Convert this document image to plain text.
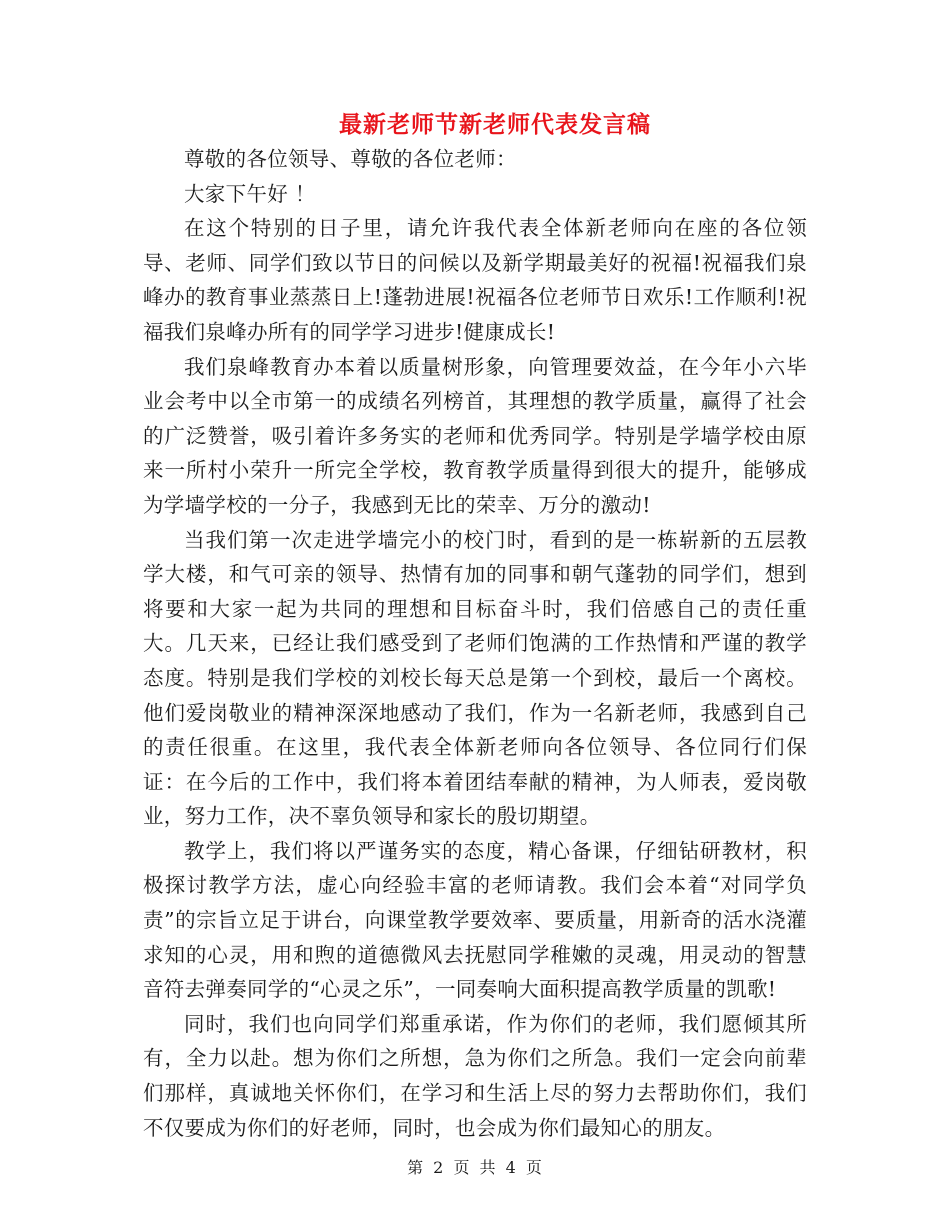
最新老师节新老师代表发言稿

尊敬的各位领导、尊敬的各位老师：

大家下午好 ！

在这个特别的日子里，请允许我代表全体新老师向在座的各位领导、老师、同学们致以节日的问候以及新学期最美好的祝福!祝福我们泉峰办的教育事业蒸蒸日上!蓬勃进展!祝福各位老师节日欢乐!工作顺利!祝福我们泉峰办所有的同学学习进步!健康成长!

我们泉峰教育办本着以质量树形象，向管理要效益，在今年小六毕业会考中以全市第一的成绩名列榜首，其理想的教学质量，赢得了社会的广泛赞誉，吸引着许多务实的老师和优秀同学。特别是学墙学校由原来一所村小荣升一所完全学校，教育教学质量得到很大的提升，能够成为学墙学校的一分子，我感到无比的荣幸、万分的激动!

当我们第一次走进学墙完小的校门时，看到的是一栋崭新的五层教学大楼，和气可亲的领导、热情有加的同事和朝气蓬勃的同学们，想到将要和大家一起为共同的理想和目标奋斗时，我们倍感自己的责任重大。几天来，已经让我们感受到了老师们饱满的工作热情和严谨的教学态度。特别是我们学校的刘校长每天总是第一个到校，最后一个离校。他们爱岗敬业的精神深深地感动了我们，作为一名新老师，我感到自己的责任很重。在这里，我代表全体新老师向各位领导、各位同行们保证：在今后的工作中，我们将本着团结奉献的精神，为人师表，爱岗敬业，努力工作，决不辜负领导和家长的殷切期望。

教学上，我们将以严谨务实的态度，精心备课，仔细钻研教材，积极探讨教学方法，虚心向经验丰富的老师请教。我们会本着“对同学负责”的宗旨立足于讲台，向课堂教学要效率、要质量，用新奇的活水浇灌求知的心灵，用和煦的道德微风去抚慰同学稚嫩的灵魂，用灵动的智慧音符去弹奏同学的“心灵之乐”，一同奏响大面积提高教学质量的凯歌!

同时，我们也向同学们郑重承诺，作为你们的老师，我们愿倾其所有，全力以赴。想为你们之所想，急为你们之所急。我们一定会向前辈们那样，真诚地关怀你们，在学习和生活上尽的努力去帮助你们，我们不仅要成为你们的好老师，同时，也会成为你们最知心的朋友。

第 2 页 共 4 页
